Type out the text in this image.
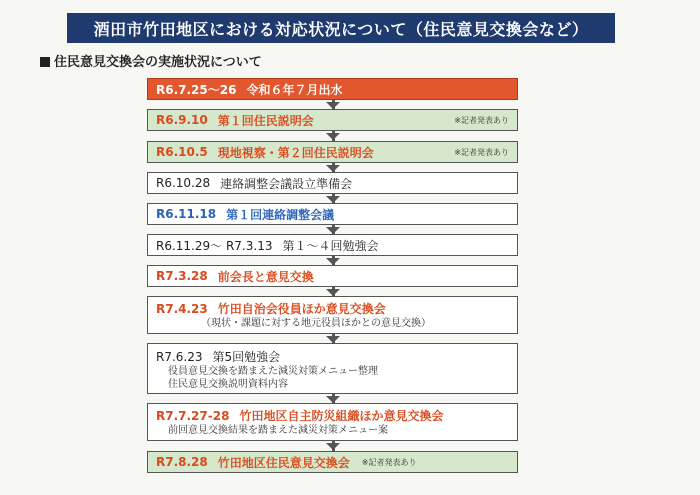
酒田市竹田地区における対応状況について（住民意見交換会など）
住民意見交換会の実施状況について
R6.7.25～26 令和６年７月出水
R6.9.10 第１回住民説明会	※記者発表あり
R6.10.5 現地視察・第２回住民説明会	※記者発表あり
R6.10.28 連絡調整会議設立準備会
R6.11.18 第１回連絡調整会議
R6.11.29～ R7.3.13 第１～４回勉強会
R7.3.28 前会長と意見交換
R7.4.23 竹田自治会役員ほか意見交換会
（現状・課題に対する地元役員ほかとの意見交換）
R7.6.23 第5回勉強会
役員意見交換を踏まえた減災対策メニュー整理
住民意見交換説明資料内容
R7.7.27-28 竹田地区自主防災組織ほか意見交換会
前回意見交換結果を踏まえた減災対策メニュー案
R7.8.28 竹田地区住民意見交換会 ※記者発表あり
